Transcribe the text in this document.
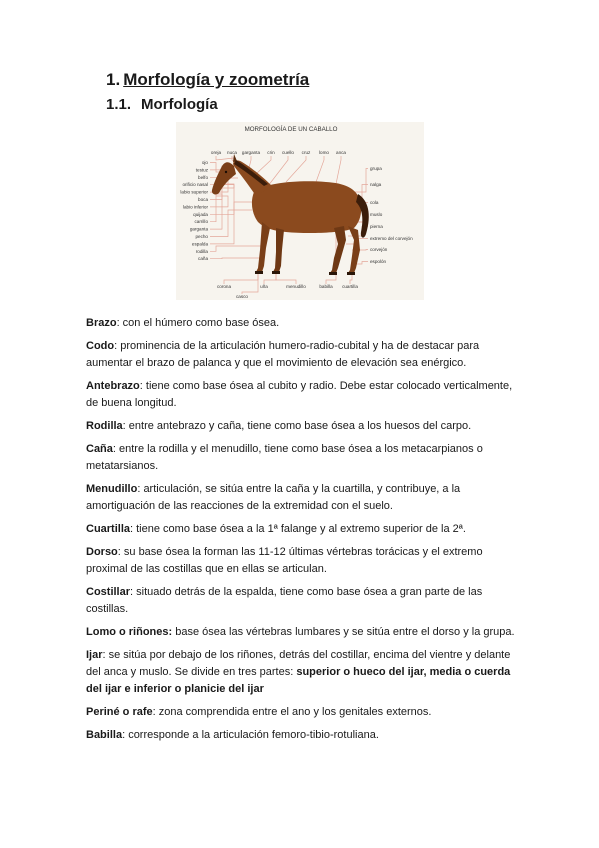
1. Morfología y zoometría
1.1. Morfología
MORFOLOGÍA DE UN CABALLO
oreja nuca garganta crin cuello cruz lomo anca
ojo
testuz
belfo
orificio nasal
labio superior
boca
labio inferior
quijada
carrillo
garganta
pecho
espalda
rodilla
caña
grupa
nalga
cola
muslo
pierna
extremo del corvejón
corvejón
espolón
corona	uña	menudillo	babilla cuartilla
casco

Brazo: con el húmero como base ósea.

Codo: prominencia de la articulación humero-radio-cubital y ha de destacar para aumentar el brazo de palanca y que el movimiento de elevación sea enérgico.

Antebrazo: tiene como base ósea al cubito y radio. Debe estar colocado verticalmente, de buena longitud.

Rodilla: entre antebrazo y caña, tiene como base ósea a los huesos del carpo.

Caña: entre la rodilla y el menudillo, tiene como base ósea a los metacarpianos o metatarsianos.

Menudillo: articulación, se sitúa entre la caña y la cuartilla, y contribuye, a la amortiguación de las reacciones de la extremidad con el suelo.

Cuartilla: tiene como base ósea a la 1ª falange y al extremo superior de la 2ª.

Dorso: su base ósea la forman las 11-12 últimas vértebras torácicas y el extremo proximal de las costillas que en ellas se articulan.

Costillar: situado detrás de la espalda, tiene como base ósea a gran parte de las costillas.

Lomo o riñones: base ósea las vértebras lumbares y se sitúa entre el dorso y la grupa.

Ijar: se sitúa por debajo de los riñones, detrás del costillar, encima del vientre y delante del anca y muslo. Se divide en tres partes: superior o hueco del ijar, media o cuerda del ijar e inferior o planicie del ijar

Periné o rafe: zona comprendida entre el ano y los genitales externos.

Babilla: corresponde a la articulación femoro-tibio-rotuliana.
